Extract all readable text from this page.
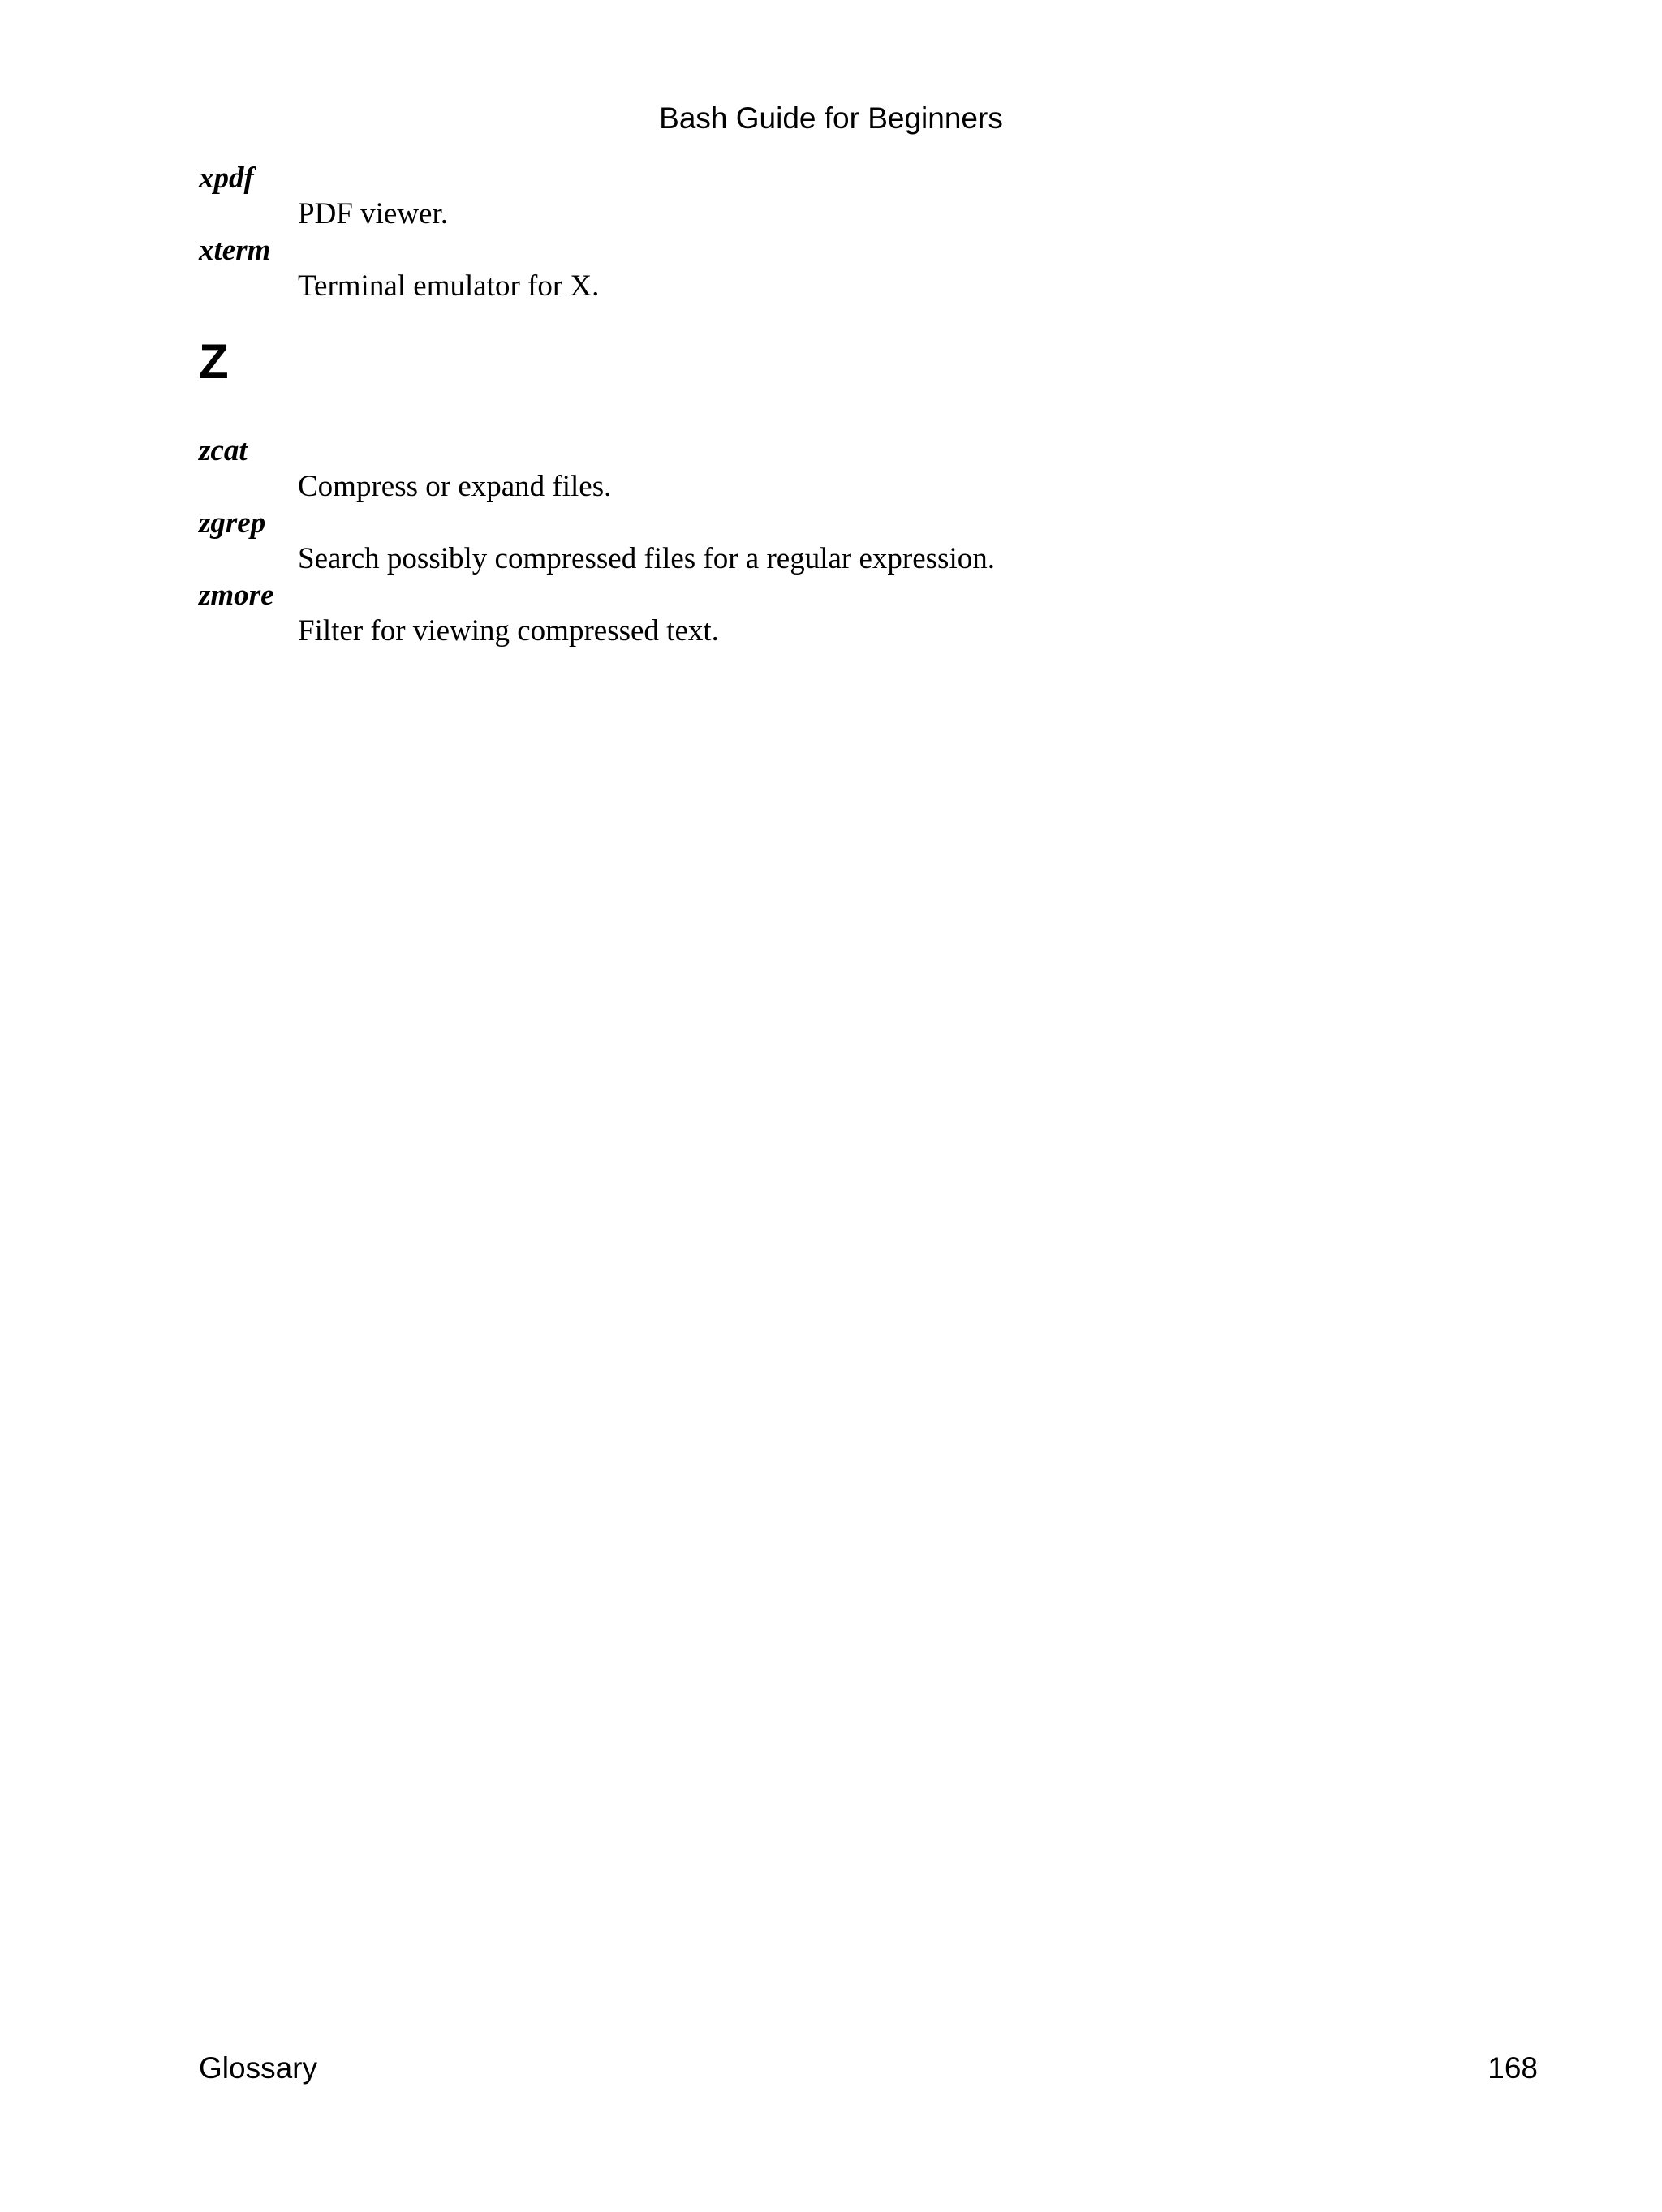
Bash Guide for Beginners
xpdf
PDF viewer.
xterm
Terminal emulator for X.
Z
zcat
Compress or expand files.
zgrep
Search possibly compressed files for a regular expression.
zmore
Filter for viewing compressed text.
Glossary	168
